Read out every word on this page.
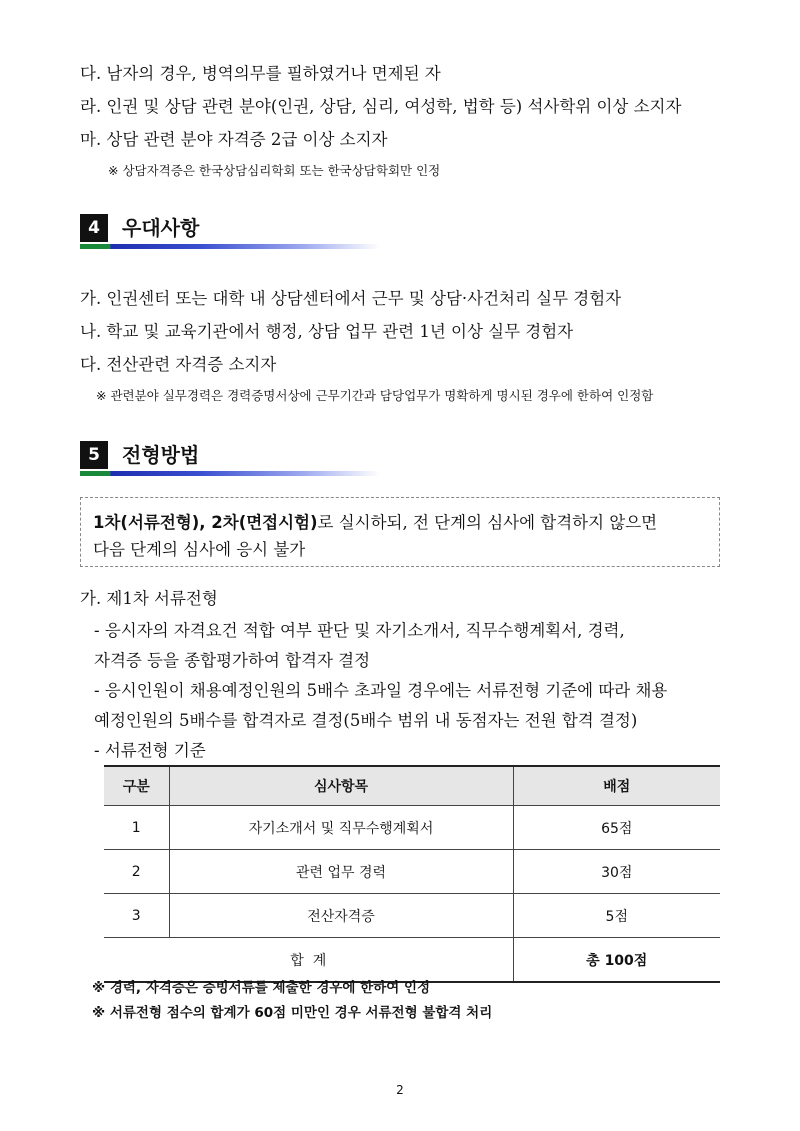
다. 남자의 경우, 병역의무를 필하였거나 면제된 자
라. 인권 및 상담 관련 분야(인권, 상담, 심리, 여성학, 법학 등) 석사학위 이상 소지자
마. 상담 관련 분야 자격증 2급 이상 소지자
※ 상담자격증은 한국상담심리학회 또는 한국상담학회만 인정
4	우대사항
가. 인권센터 또는 대학 내 상담센터에서 근무 및 상담·사건처리 실무 경험자
나. 학교 및 교육기관에서 행정, 상담 업무 관련 1년 이상 실무 경험자
다. 전산관련 자격증 소지자
※ 관련분야 실무경력은 경력증명서상에 근무기간과 담당업무가 명확하게 명시된 경우에 한하여 인정함
5	전형방법
1차(서류전형), 2차(면접시험)로 실시하되, 전 단계의 심사에 합격하지 않으면
다음 단계의 심사에 응시 불가
가. 제1차 서류전형
- 응시자의 자격요건 적합 여부 판단 및 자기소개서, 직무수행계획서, 경력,
자격증 등을 종합평가하여 합격자 결정
- 응시인원이 채용예정인원의 5배수 초과일 경우에는 서류전형 기준에 따라 채용
예정인원의 5배수를 합격자로 결정(5배수 범위 내 동점자는 전원 합격 결정)
- 서류전형 기준
구분	심사항목	배점
1	자기소개서 및 직무수행계획서	65점
2	관련 업무 경력	30점
3	전산자격증	5점
합  계		총 100점
※ 경력, 자격증은 증빙서류를 제출한 경우에 한하여 인정
※ 서류전형 점수의 합계가 60점 미만인 경우 서류전형 불합격 처리
2
